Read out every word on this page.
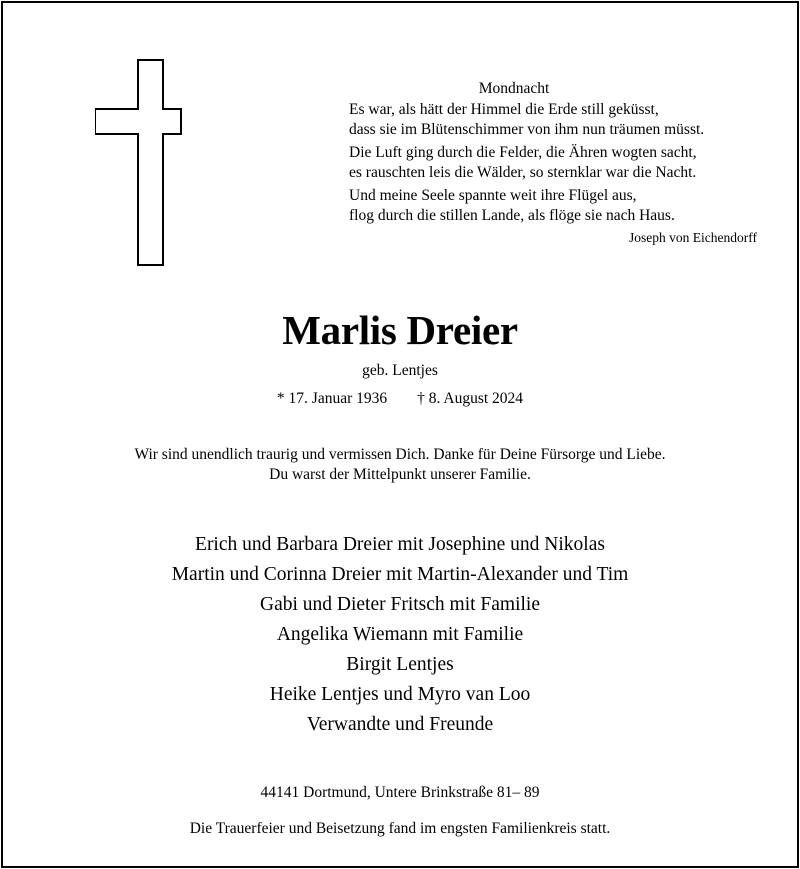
Mondnacht
Es war, als hätt der Himmel die Erde still geküsst,
dass sie im Blütenschimmer von ihm nun träumen müsst.
Die Luft ging durch die Felder, die Ähren wogten sacht,
es rauschten leis die Wälder, so sternklar war die Nacht.
Und meine Seele spannte weit ihre Flügel aus,
flog durch die stillen Lande, als flöge sie nach Haus.
Joseph von Eichendorff
Marlis Dreier
geb. Lentjes
* 17. Januar 1936 † 8. August 2024
Wir sind unendlich traurig und vermissen Dich. Danke für Deine Fürsorge und Liebe.
Du warst der Mittelpunkt unserer Familie.
Erich und Barbara Dreier mit Josephine und Nikolas
Martin und Corinna Dreier mit Martin-Alexander und Tim
Gabi und Dieter Fritsch mit Familie
Angelika Wiemann mit Familie
Birgit Lentjes
Heike Lentjes und Myro van Loo
Verwandte und Freunde
44141 Dortmund, Untere Brinkstraße 81– 89
Die Trauerfeier und Beisetzung fand im engsten Familienkreis statt.
